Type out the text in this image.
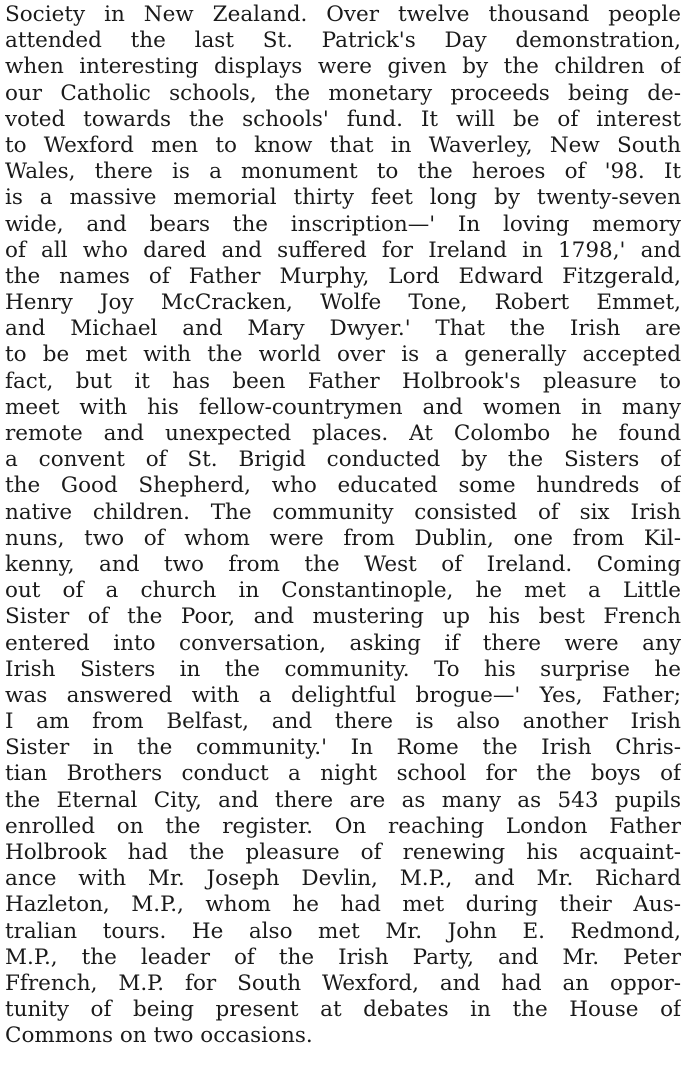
Society in New Zealand. Over twelve thousand people
attended the last St. Patrick's Day demonstration,
when interesting displays were given by the children of
our Catholic schools, the monetary proceeds being de-
voted towards the schools' fund. It will be of interest
to Wexford men to know that in Waverley, New South
Wales, there is a monument to the heroes of '98. It
is a massive memorial thirty feet long by twenty-seven
wide, and bears the inscription—' In loving memory
of all who dared and suffered for Ireland in 1798,' and
the names of Father Murphy, Lord Edward Fitzgerald,
Henry Joy McCracken, Wolfe Tone, Robert Emmet,
and Michael and Mary Dwyer.' That the Irish are
to be met with the world over is a generally accepted
fact, but it has been Father Holbrook's pleasure to
meet with his fellow-countrymen and women in many
remote and unexpected places. At Colombo he found
a convent of St. Brigid conducted by the Sisters of
the Good Shepherd, who educated some hundreds of
native children. The community consisted of six Irish
nuns, two of whom were from Dublin, one from Kil-
kenny, and two from the West of Ireland. Coming
out of a church in Constantinople, he met a Little
Sister of the Poor, and mustering up his best French
entered into conversation, asking if there were any
Irish Sisters in the community. To his surprise he
was answered with a delightful brogue—' Yes, Father;
I am from Belfast, and there is also another Irish
Sister in the community.' In Rome the Irish Chris-
tian Brothers conduct a night school for the boys of
the Eternal City, and there are as many as 543 pupils
enrolled on the register. On reaching London Father
Holbrook had the pleasure of renewing his acquaint-
ance with Mr. Joseph Devlin, M.P., and Mr. Richard
Hazleton, M.P., whom he had met during their Aus-
tralian tours. He also met Mr. John E. Redmond,
M.P., the leader of the Irish Party, and Mr. Peter
Ffrench, M.P. for South Wexford, and had an oppor-
tunity of being present at debates in the House of
Commons on two occasions.
